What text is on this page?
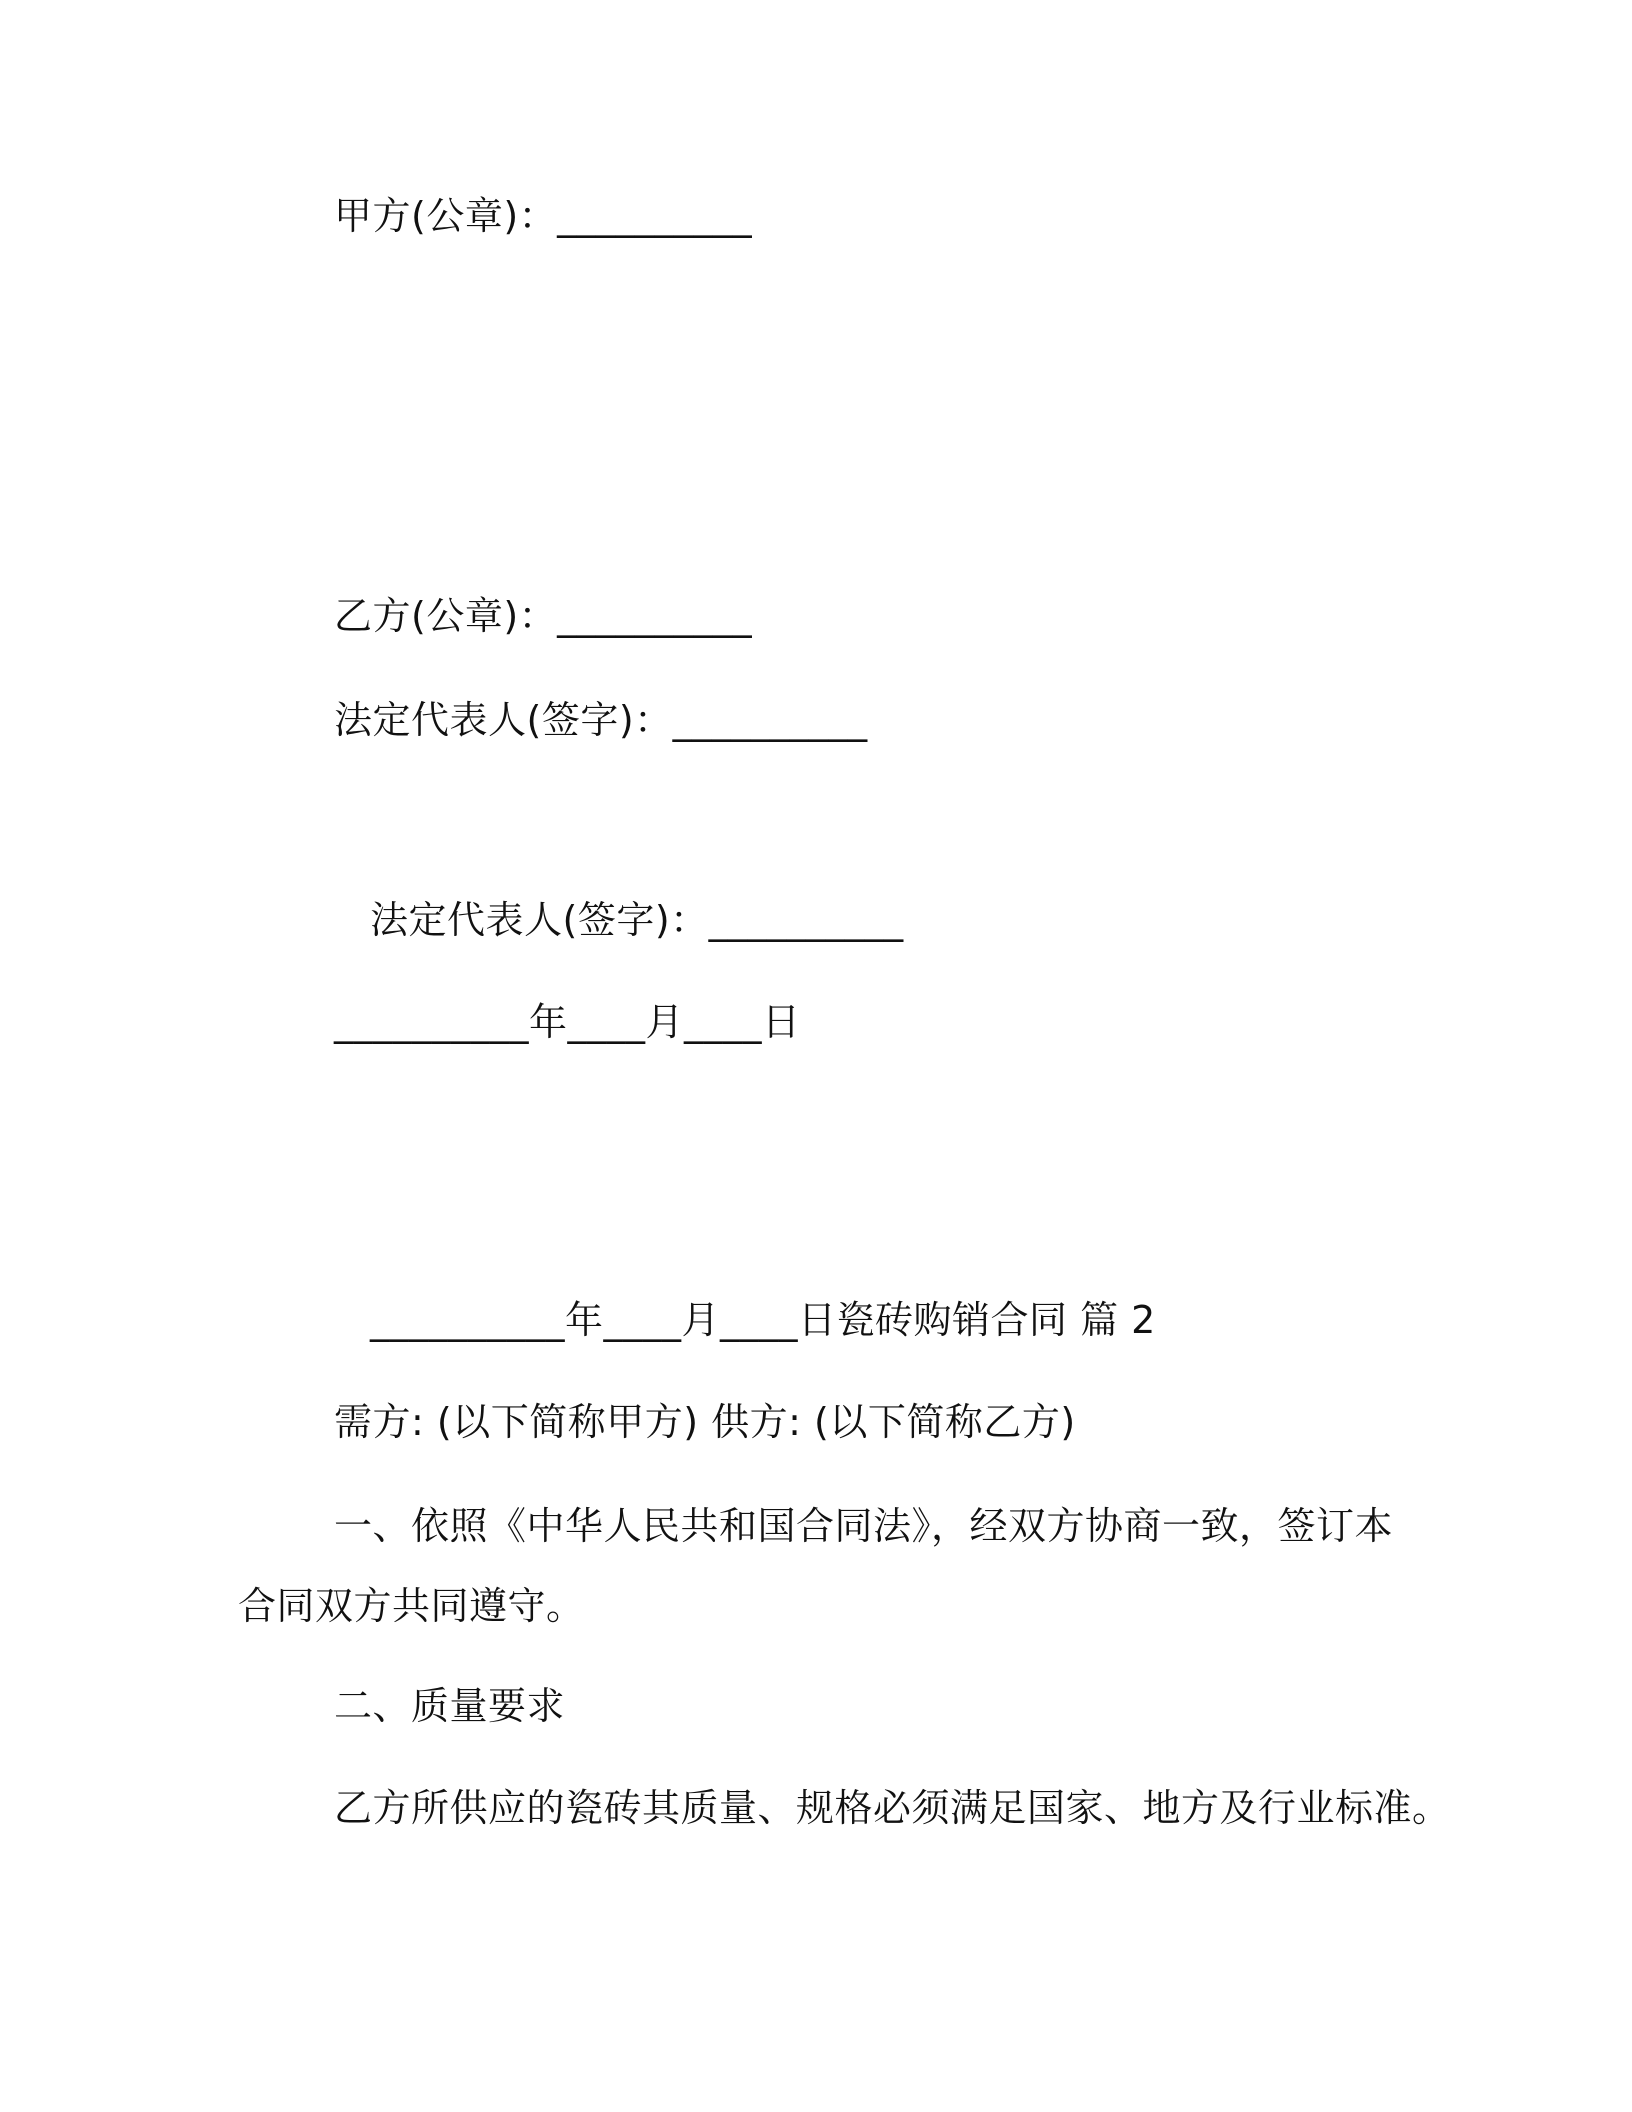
甲方(公章)：__________

乙方(公章)：__________

法定代表人(签字)：__________

法定代表人(签字)：__________

__________年____月____日

__________年____月____日瓷砖购销合同 篇 2

需方: (以下简称甲方) 供方: (以下简称乙方)

一、依照《中华人民共和国合同法》，经双方协商一致，签订本

合同双方共同遵守。

二、质量要求

乙方所供应的瓷砖其质量、规格必须满足国家、地方及行业标准。
